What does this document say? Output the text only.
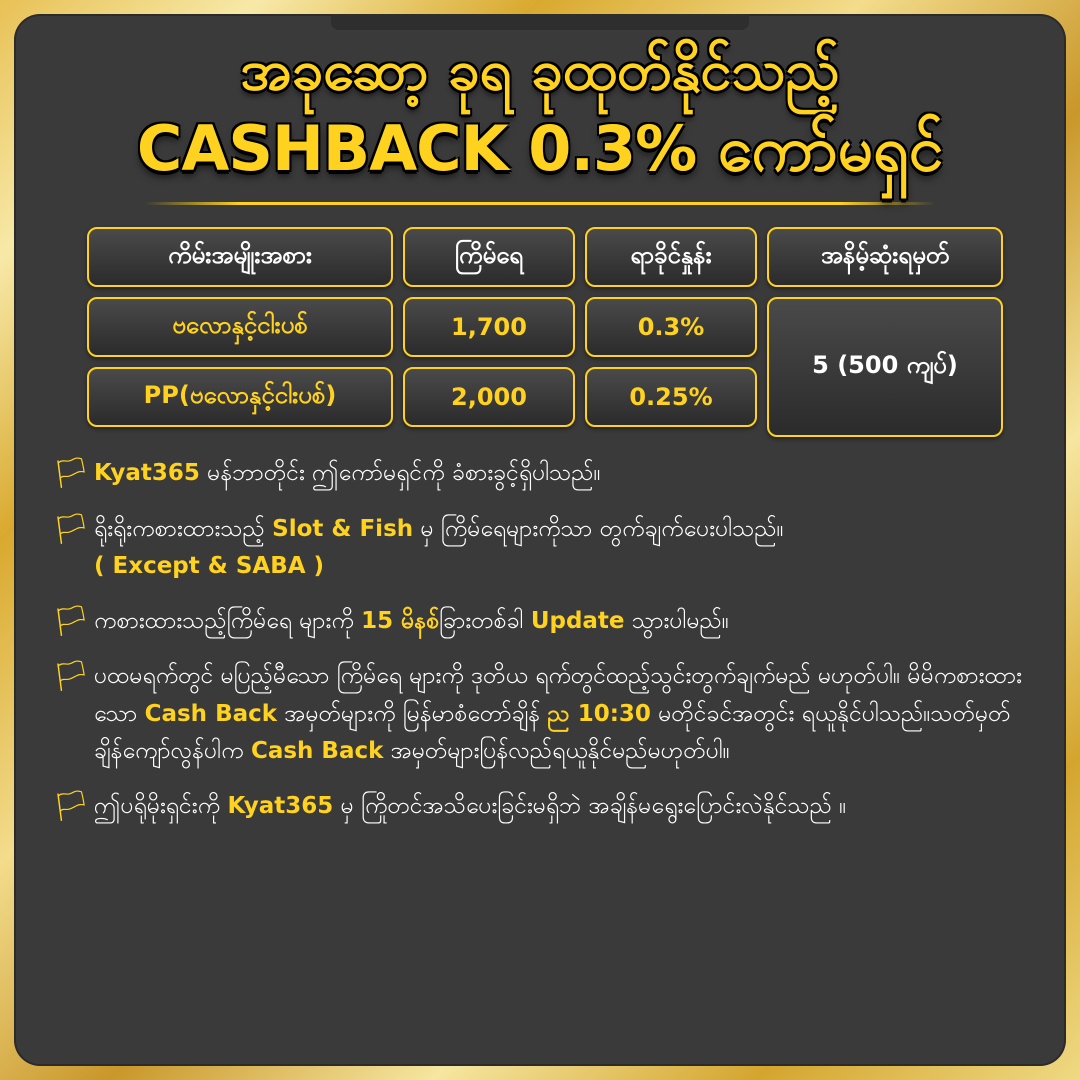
အခုဆော့ ခုရ ခုထုတ်နိုင်သည့်
CASHBACK 0.3% ကော်မရှင်
ကိမ်းအမျိုးအစား	ကြိမ်ရေ	ရာခိုင်နှုန်း	အနိမ့်ဆုံးရမှတ်
ဗလောနှင့်ငါးပစ်	1,700	0.3%
PP(ဗလောနှင့်ငါးပစ်)	2,000	0.25%
5 (500 ကျပ်)
🏳 Kyat365 မန်ဘာတိုင်း ဤကော်မရှင်ကို ခံစားခွင့်ရှိပါသည်။
🏳 ရိုးရိုးကစားထားသည့် Slot & Fish မှ ကြိမ်ရေများကိုသာ တွက်ချက်ပေးပါသည်။
( Except & SABA )
🏳 ကစားထားသည့်ကြိမ်ရေ များကို 15 မိနစ်ခြားတစ်ခါ Update သွားပါမည်။
🏳 ပထမရက်တွင် မပြည့်မီသော ကြိမ်ရေ များကို ဒုတိယ ရက်တွင်ထည့်သွင်းတွက်ချက်မည် မဟုတ်ပါ။ မိမိကစားထားသော Cash Back အမှတ်များကို မြန်မာစံတော်ချိန် ည 10:30 မတိုင်ခင်အတွင်း ရယူနိုင်ပါသည်။သတ်မှတ်ချိန်ကျော်လွန်ပါက Cash Back အမှတ်များပြန်လည်ရယူနိုင်မည်မဟုတ်ပါ။
🏳 ဤပရိုမိုးရှင်းကို Kyat365 မှ ကြိုတင်အသိပေးခြင်းမရှိဘဲ အချိန်မရွေးပြောင်းလဲနိုင်သည် ။
